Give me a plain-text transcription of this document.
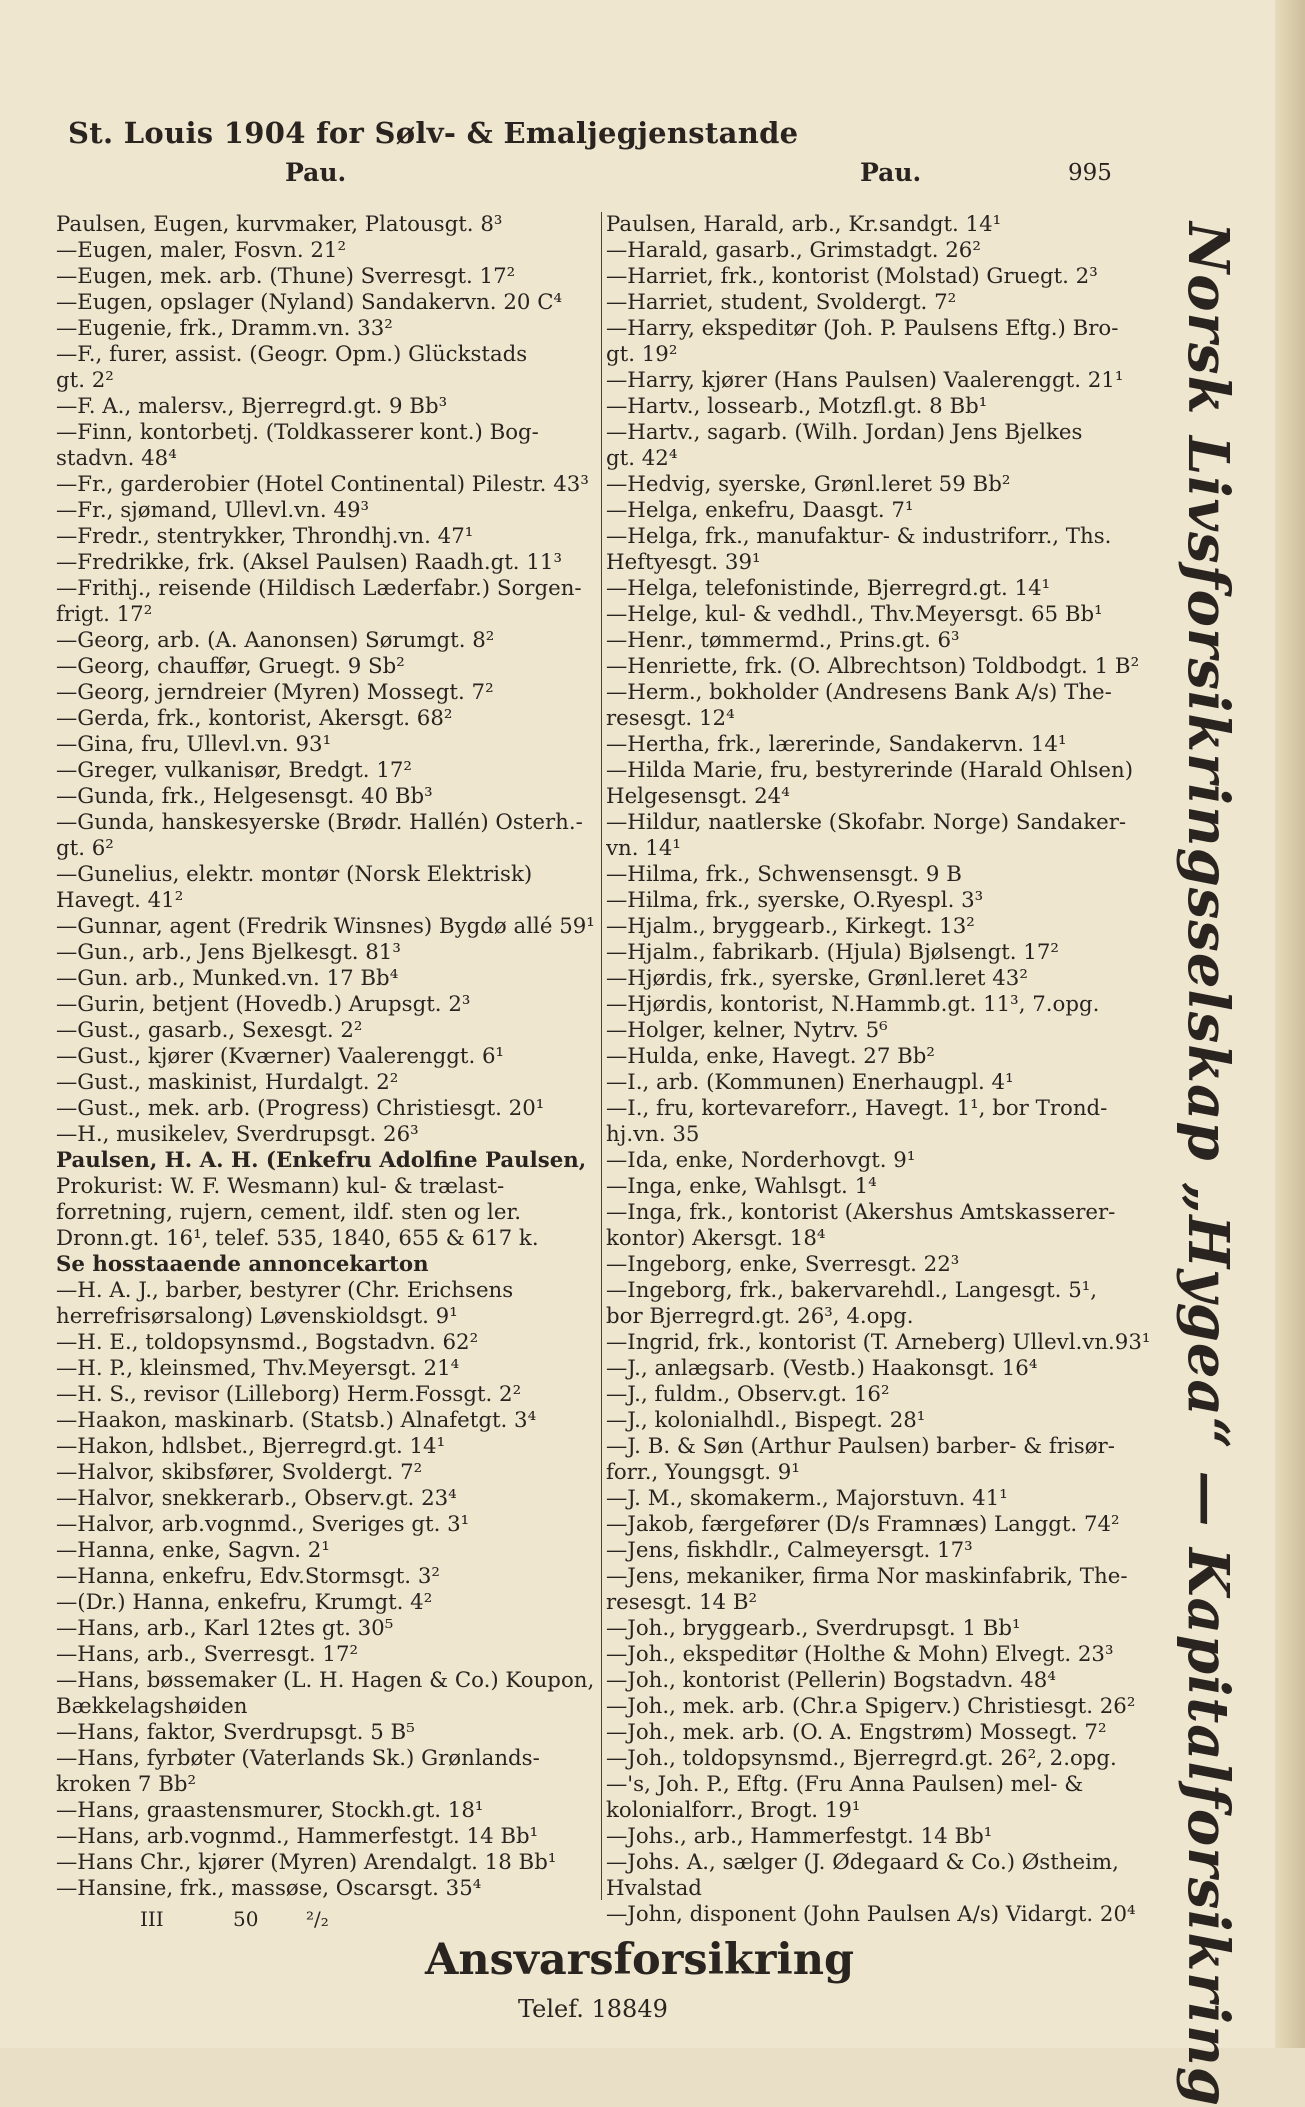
St. Louis 1904 for Sølv- & Emaljegjenstande
Pau.	Pau.	995
Paulsen, Eugen, kurvmaker, Platousgt. 8³
—Eugen, maler, Fosvn. 21²
—Eugen, mek. arb. (Thune) Sverresgt. 17²
—Eugen, opslager (Nyland) Sandakervn. 20 C⁴
—Eugenie, frk., Dramm.vn. 33²
—F., furer, assist. (Geogr. Opm.) Glückstads
gt. 2²
—F. A., malersv., Bjerregrd.gt. 9 Bb³
—Finn, kontorbetj. (Toldkasserer kont.) Bog-
stadvn. 48⁴
—Fr., garderobier (Hotel Continental) Pilestr. 43³
—Fr., sjømand, Ullevl.vn. 49³
—Fredr., stentrykker, Throndhj.vn. 47¹
—Fredrikke, frk. (Aksel Paulsen) Raadh.gt. 11³
—Frithj., reisende (Hildisch Læderfabr.) Sorgen-
frigt. 17²
—Georg, arb. (A. Aanonsen) Sørumgt. 8²
—Georg, chauffør, Gruegt. 9 Sb²
—Georg, jerndreier (Myren) Mossegt. 7²
—Gerda, frk., kontorist, Akersgt. 68²
—Gina, fru, Ullevl.vn. 93¹
—Greger, vulkanisør, Bredgt. 17²
—Gunda, frk., Helgesensgt. 40 Bb³
—Gunda, hanskesyerske (Brødr. Hallén) Osterh.-
gt. 6²
—Gunelius, elektr. montør (Norsk Elektrisk)
Havegt. 41²
—Gunnar, agent (Fredrik Winsnes) Bygdø allé 59¹
—Gun., arb., Jens Bjelkesgt. 81³
—Gun. arb., Munked.vn. 17 Bb⁴
—Gurin, betjent (Hovedb.) Arupsgt. 2³
—Gust., gasarb., Sexesgt. 2²
—Gust., kjører (Kværner) Vaalerenggt. 6¹
—Gust., maskinist, Hurdalgt. 2²
—Gust., mek. arb. (Progress) Christiesgt. 20¹
—H., musikelev, Sverdrupsgt. 26³
Paulsen, H. A. H. (Enkefru Adolfine Paulsen,
Prokurist: W. F. Wesmann) kul- & trælast-
forretning, rujern, cement, ildf. sten og ler.
Dronn.gt. 16¹, telef. 535, 1840, 655 & 617 k.
Se hosstaaende annoncekarton
—H. A. J., barber, bestyrer (Chr. Erichsens
herrefrisørsalong) Løvenskioldsgt. 9¹
—H. E., toldopsynsmd., Bogstadvn. 62²
—H. P., kleinsmed, Thv.Meyersgt. 21⁴
—H. S., revisor (Lilleborg) Herm.Fossgt. 2²
—Haakon, maskinarb. (Statsb.) Alnafetgt. 3⁴
—Hakon, hdlsbet., Bjerregrd.gt. 14¹
—Halvor, skibsfører, Svoldergt. 7²
—Halvor, snekkerarb., Observ.gt. 23⁴
—Halvor, arb.vognmd., Sveriges gt. 3¹
—Hanna, enke, Sagvn. 2¹
—Hanna, enkefru, Edv.Stormsgt. 3²
—(Dr.) Hanna, enkefru, Krumgt. 4²
—Hans, arb., Karl 12tes gt. 30⁵
—Hans, arb., Sverresgt. 17²
—Hans, bøssemaker (L. H. Hagen & Co.) Koupon,
Bækkelagshøiden
—Hans, faktor, Sverdrupsgt. 5 B⁵
—Hans, fyrbøter (Vaterlands Sk.) Grønlands-
kroken 7 Bb²
—Hans, graastensmurer, Stockh.gt. 18¹
—Hans, arb.vognmd., Hammerfestgt. 14 Bb¹
—Hans Chr., kjører (Myren) Arendalgt. 18 Bb¹
—Hansine, frk., massøse, Oscarsgt. 35⁴
Paulsen, Harald, arb., Kr.sandgt. 14¹
—Harald, gasarb., Grimstadgt. 26²
—Harriet, frk., kontorist (Molstad) Gruegt. 2³
—Harriet, student, Svoldergt. 7²
—Harry, ekspeditør (Joh. P. Paulsens Eftg.) Bro-
gt. 19²
—Harry, kjører (Hans Paulsen) Vaalerenggt. 21¹
—Hartv., lossearb., Motzfl.gt. 8 Bb¹
—Hartv., sagarb. (Wilh. Jordan) Jens Bjelkes
gt. 42⁴
—Hedvig, syerske, Grønl.leret 59 Bb²
—Helga, enkefru, Daasgt. 7¹
—Helga, frk., manufaktur- & industriforr., Ths.
Heftyesgt. 39¹
—Helga, telefonistinde, Bjerregrd.gt. 14¹
—Helge, kul- & vedhdl., Thv.Meyersgt. 65 Bb¹
—Henr., tømmermd., Prins.gt. 6³
—Henriette, frk. (O. Albrechtson) Toldbodgt. 1 B²
—Herm., bokholder (Andresens Bank A/s) The-
resesgt. 12⁴
—Hertha, frk., lærerinde, Sandakervn. 14¹
—Hilda Marie, fru, bestyrerinde (Harald Ohlsen)
Helgesensgt. 24⁴
—Hildur, naatlerske (Skofabr. Norge) Sandaker-
vn. 14¹
—Hilma, frk., Schwensensgt. 9 B
—Hilma, frk., syerske, O.Ryespl. 3³
—Hjalm., bryggearb., Kirkegt. 13²
—Hjalm., fabrikarb. (Hjula) Bjølsengt. 17²
—Hjørdis, frk., syerske, Grønl.leret 43²
—Hjørdis, kontorist, N.Hammb.gt. 11³, 7.opg.
—Holger, kelner, Nytrv. 5⁶
—Hulda, enke, Havegt. 27 Bb²
—I., arb. (Kommunen) Enerhaugpl. 4¹
—I., fru, kortevareforr., Havegt. 1¹, bor Trond-
hj.vn. 35
—Ida, enke, Norderhovgt. 9¹
—Inga, enke, Wahlsgt. 1⁴
—Inga, frk., kontorist (Akershus Amtskasserer-
kontor) Akersgt. 18⁴
—Ingeborg, enke, Sverresgt. 22³
—Ingeborg, frk., bakervarehdl., Langesgt. 5¹,
bor Bjerregrd.gt. 26³, 4.opg.
—Ingrid, frk., kontorist (T. Arneberg) Ullevl.vn.93¹
—J., anlægsarb. (Vestb.) Haakonsgt. 16⁴
—J., fuldm., Observ.gt. 16²
—J., kolonialhdl., Bispegt. 28¹
—J. B. & Søn (Arthur Paulsen) barber- & frisør-
forr., Youngsgt. 9¹
—J. M., skomakerm., Majorstuvn. 41¹
—Jakob, færgefører (D/s Framnæs) Langgt. 74²
—Jens, fiskhdlr., Calmeyersgt. 17³
—Jens, mekaniker, firma Nor maskinfabrik, The-
resesgt. 14 B²
—Joh., bryggearb., Sverdrupsgt. 1 Bb¹
—Joh., ekspeditør (Holthe & Mohn) Elvegt. 23³
—Joh., kontorist (Pellerin) Bogstadvn. 48⁴
—Joh., mek. arb. (Chr.a Spigerv.) Christiesgt. 26²
—Joh., mek. arb. (O. A. Engstrøm) Mossegt. 7²
—Joh., toldopsynsmd., Bjerregrd.gt. 26², 2.opg.
—'s, Joh. P., Eftg. (Fru Anna Paulsen) mel- &
kolonialforr., Brogt. 19¹
—Johs., arb., Hammerfestgt. 14 Bb¹
—Johs. A., sælger (J. Ødegaard & Co.) Østheim,
Hvalstad
—John, disponent (John Paulsen A/s) Vidargt. 20⁴
III	50 ²/₂
Ansvarsforsikring
Telef. 18849	Norsk Livsforsikringsselskap „Hygea“ — Kapitalforsikring
